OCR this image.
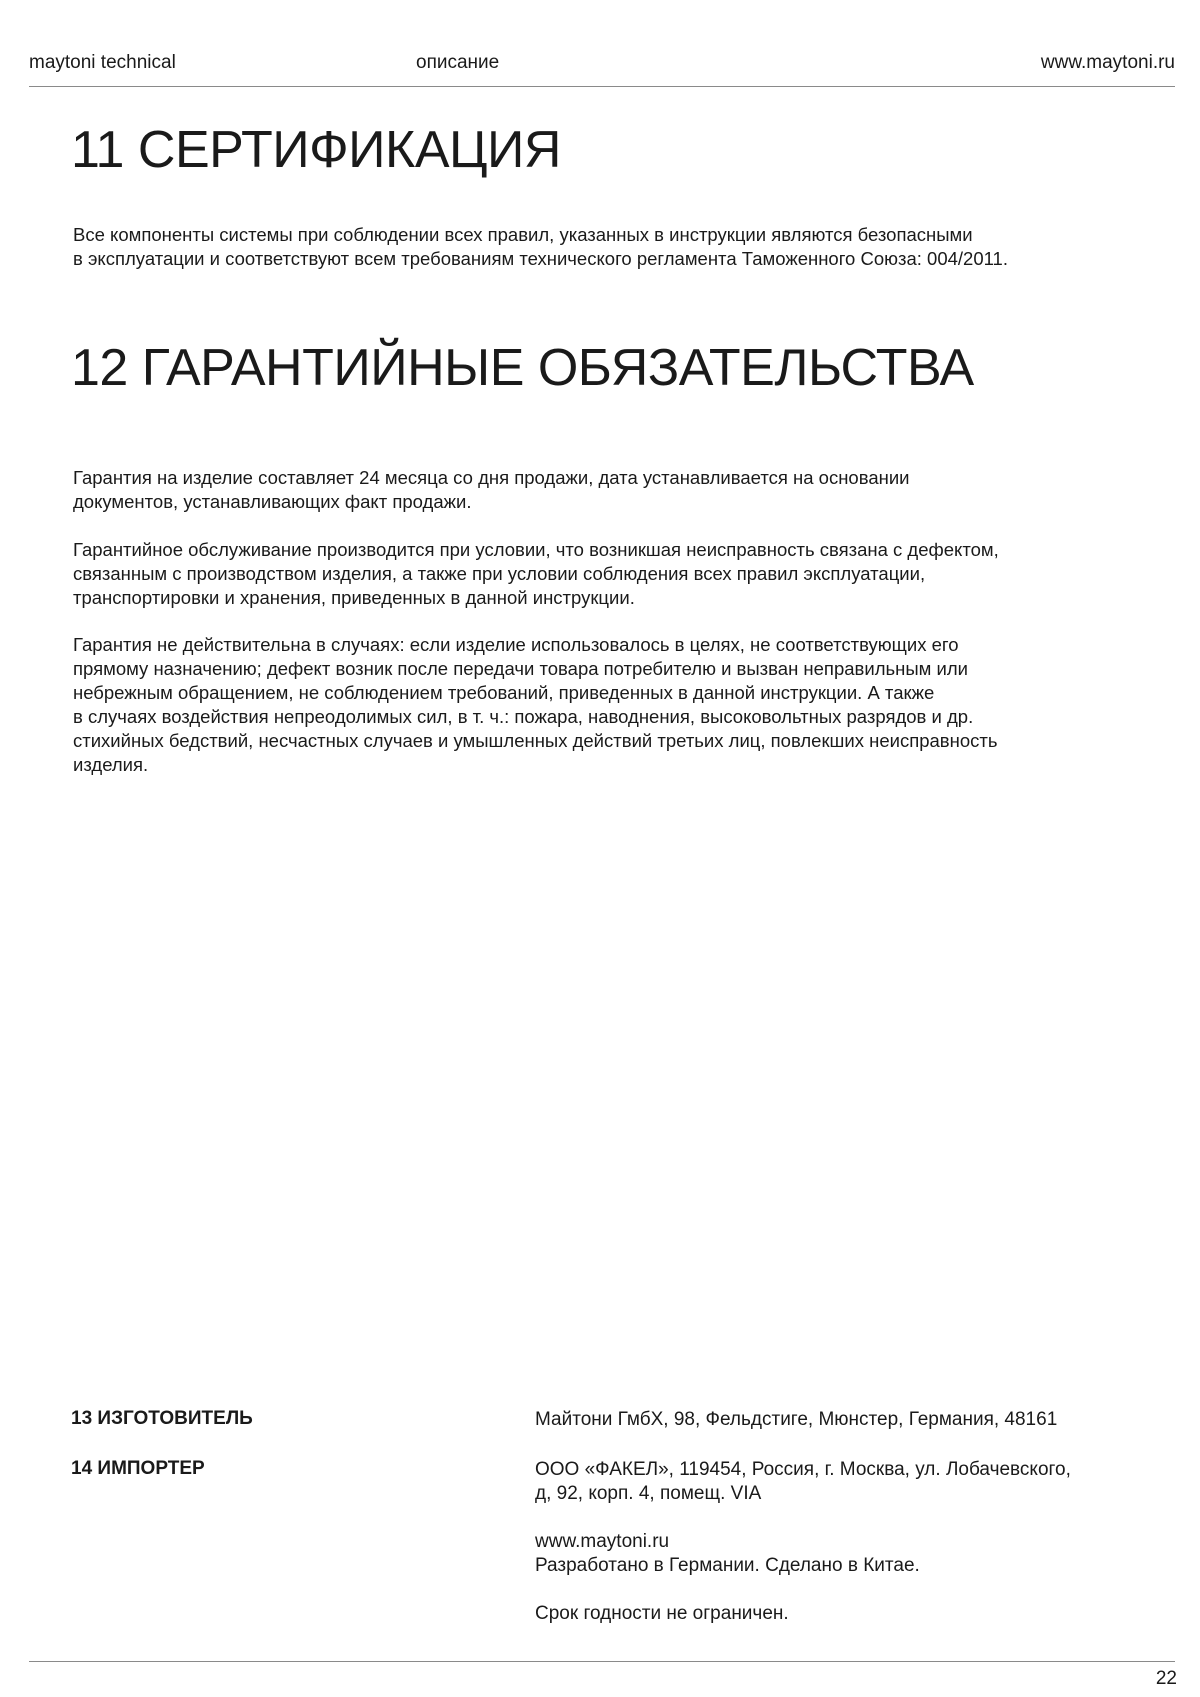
maytoni technical	описание	www.maytoni.ru
11 СЕРТИФИКАЦИЯ

Все компоненты системы при соблюдении всех правил, указанных в инструкции являются безопасными
в эксплуатации и соответствуют всем требованиям технического регламента Таможенного Союза: 004/2011.

12 ГАРАНТИЙНЫЕ ОБЯЗАТЕЛЬСТВА

Гарантия на изделие составляет 24 месяца со дня продажи, дата устанавливается на основании
документов, устанавливающих факт продажи.

Гарантийное обслуживание производится при условии, что возникшая неисправность связана с дефектом,
связанным с производством изделия, а также при условии соблюдения всех правил эксплуатации,
транспортировки и хранения, приведенных в данной инструкции.

Гарантия не действительна в случаях: если изделие использовалось в целях, не соответствующих его
прямому назначению; дефект возник после передачи товара потребителю и вызван неправильным или
небрежным обращением, не соблюдением требований, приведенных в данной инструкции. А также
в случаях воздействия непреодолимых сил, в т. ч.: пожара, наводнения, высоковольтных разрядов и др.
стихийных бедствий, несчастных случаев и умышленных действий третьих лиц, повлекших неисправность
изделия.

13 ИЗГОТОВИТЕЛЬ	Майтони ГмбХ, 98, Фельдстиге, Мюнстер, Германия, 48161
14 ИМПОРТЕР	ООО «ФАКЕЛ», 119454, Россия, г. Москва, ул. Лобачевского,
д, 92, корп. 4, помещ. VIA
www.maytoni.ru
Разработано в Германии. Сделано в Китае.
Срок годности не ограничен.
22
